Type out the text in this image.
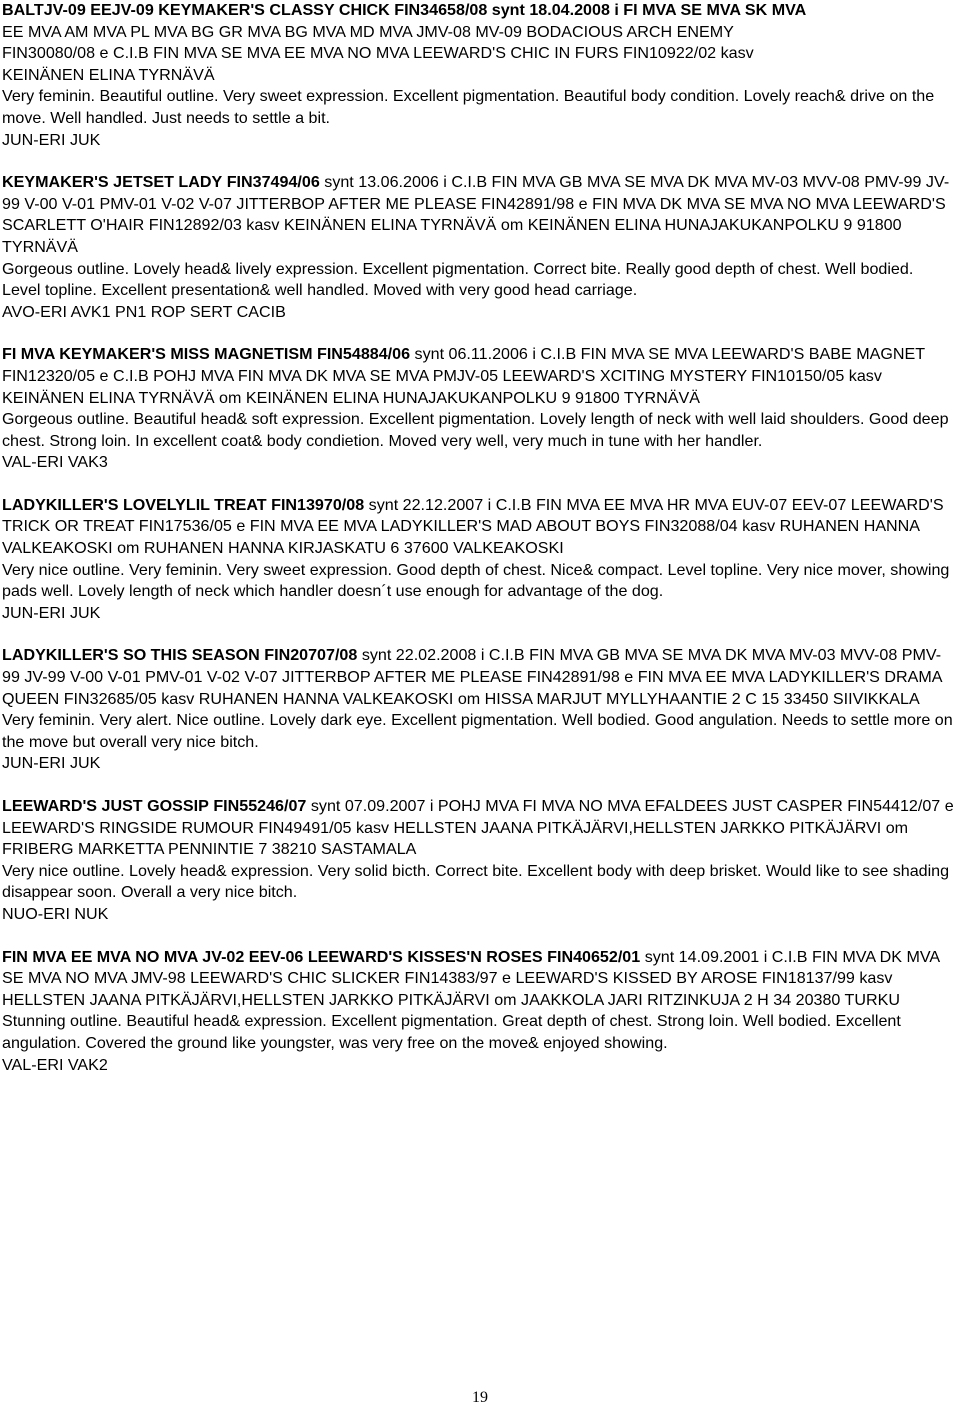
BALTJV-09 EEJV-09 KEYMAKER'S CLASSY CHICK FIN34658/08 synt 18.04.2008 i FI MVA SE MVA SK MVA
EE MVA AM MVA PL MVA BG GR MVA BG MVA MD MVA JMV-08 MV-09 BODACIOUS ARCH ENEMY
FIN30080/08 e C.I.B FIN MVA SE MVA EE MVA NO MVA LEEWARD'S CHIC IN FURS FIN10922/02 kasv
KEINÄNEN ELINA TYRNÄVÄ
Very feminin. Beautiful outline. Very sweet expression. Excellent pigmentation. Beautiful body condition. Lovely reach& drive on the move. Well handled. Just needs to settle a bit.
JUN-ERI JUK
KEYMAKER'S JETSET LADY FIN37494/06 synt 13.06.2006 i C.I.B FIN MVA GB MVA SE MVA DK MVA MV-03 MVV-08 PMV-99 JV-99 V-00 V-01 PMV-01 V-02 V-07 JITTERBOP AFTER ME PLEASE FIN42891/98 e FIN MVA DK MVA SE MVA NO MVA LEEWARD'S SCARLETT O'HAIR FIN12892/03 kasv KEINÄNEN ELINA TYRNÄVÄ om KEINÄNEN ELINA HUNAJAKUKANPOLKU 9 91800 TYRNÄVÄ
Gorgeous outline. Lovely head& lively expression. Excellent pigmentation. Correct bite. Really good depth of chest. Well bodied. Level topline. Excellent presentation& well handled. Moved with very good head carriage.
AVO-ERI AVK1 PN1 ROP SERT CACIB
FI MVA KEYMAKER'S MISS MAGNETISM FIN54884/06 synt 06.11.2006 i C.I.B FIN MVA SE MVA LEEWARD'S BABE MAGNET FIN12320/05 e C.I.B POHJ MVA FIN MVA DK MVA SE MVA PMJV-05 LEEWARD'S XCITING MYSTERY FIN10150/05 kasv KEINÄNEN ELINA TYRNÄVÄ om KEINÄNEN ELINA HUNAJAKUKANPOLKU 9 91800 TYRNÄVÄ
Gorgeous outline. Beautiful head& soft expression. Excellent pigmentation. Lovely length of neck with well laid shoulders. Good deep chest. Strong loin. In excellent coat& body condietion. Moved very well, very much in tune with her handler.
VAL-ERI VAK3
LADYKILLER'S LOVELYLIL TREAT FIN13970/08 synt 22.12.2007 i C.I.B FIN MVA EE MVA HR MVA EUV-07 EEV-07 LEEWARD'S TRICK OR TREAT FIN17536/05 e FIN MVA EE MVA LADYKILLER'S MAD ABOUT BOYS FIN32088/04 kasv RUHANEN HANNA VALKEAKOSKI om RUHANEN HANNA KIRJASKATU 6 37600 VALKEAKOSKI
Very nice outline. Very feminin. Very sweet expression. Good depth of chest. Nice& compact. Level topline. Very nice mover, showing pads well. Lovely length of neck which handler doesn´t use enough for advantage of the dog.
JUN-ERI JUK
LADYKILLER'S SO THIS SEASON FIN20707/08 synt 22.02.2008 i C.I.B FIN MVA GB MVA SE MVA DK MVA MV-03 MVV-08 PMV-99 JV-99 V-00 V-01 PMV-01 V-02 V-07 JITTERBOP AFTER ME PLEASE FIN42891/98 e FIN MVA EE MVA LADYKILLER'S DRAMA QUEEN FIN32685/05 kasv RUHANEN HANNA VALKEAKOSKI om HISSA MARJUT MYLLYHAANTIE 2 C 15 33450 SIIVIKKALA
Very feminin. Very alert. Nice outline. Lovely dark eye. Excellent pigmentation. Well bodied. Good angulation. Needs to settle more on the move but overall very nice bitch.
JUN-ERI JUK
LEEWARD'S JUST GOSSIP FIN55246/07 synt 07.09.2007 i POHJ MVA FI MVA NO MVA EFALDEES JUST CASPER FIN54412/07 e LEEWARD'S RINGSIDE RUMOUR FIN49491/05 kasv HELLSTEN JAANA PITKÄJÄRVI,HELLSTEN JARKKO PITKÄJÄRVI om FRIBERG MARKETTA PENNINTIE 7 38210 SASTAMALA
Very nice outline. Lovely head& expression. Very solid bicth. Correct bite. Excellent body with deep brisket. Would like to see shading disappear soon. Overall a very nice bitch.
NUO-ERI NUK
FIN MVA EE MVA NO MVA JV-02 EEV-06 LEEWARD'S KISSES'N ROSES FIN40652/01 synt 14.09.2001 i C.I.B FIN MVA DK MVA SE MVA NO MVA JMV-98 LEEWARD'S CHIC SLICKER FIN14383/97 e LEEWARD'S KISSED BY AROSE FIN18137/99 kasv HELLSTEN JAANA PITKÄJÄRVI,HELLSTEN JARKKO PITKÄJÄRVI om JAAKKOLA JARI RITZINKUJA 2 H 34 20380 TURKU
Stunning outline. Beautiful head& expression. Excellent pigmentation. Great depth of chest. Strong loin. Well bodied. Excellent angulation. Covered the ground like youngster, was very free on the move& enjoyed showing.
VAL-ERI VAK2
19
